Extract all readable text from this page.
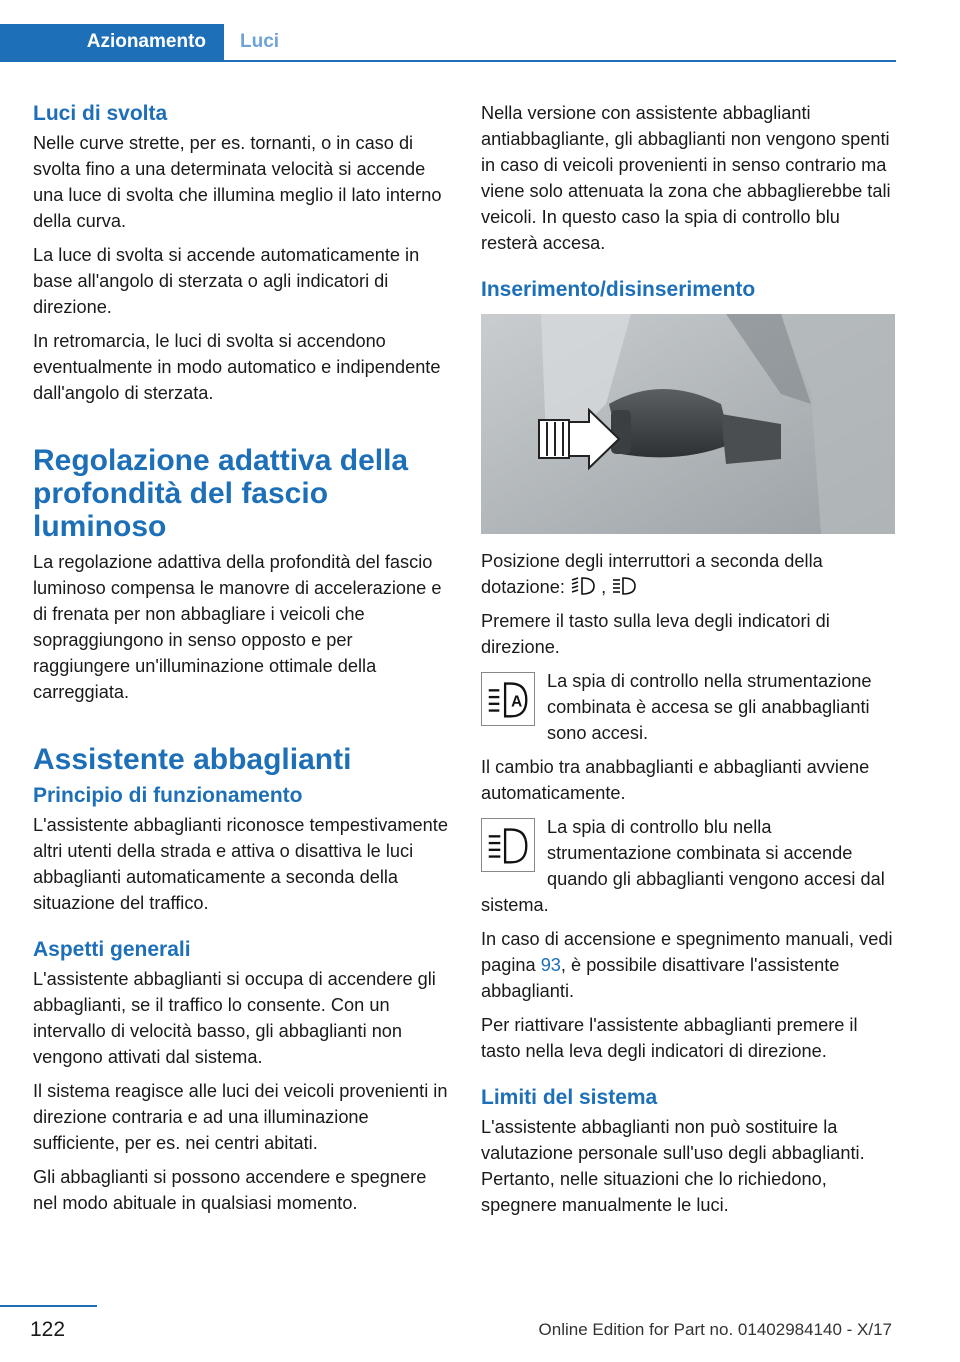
Azionamento Luci
Luci di svolta

Nelle curve strette, per es. tornanti, o in caso di svolta fino a una determinata velocità si accende una luce di svolta che illumina meglio il lato interno della curva.

La luce di svolta si accende automaticamente in base all'angolo di sterzata o agli indicatori di direzione.

In retromarcia, le luci di svolta si accendono eventualmente in modo automatico e indipendente dall'angolo di sterzata.

Regolazione adattiva della profondità del fascio luminoso

La regolazione adattiva della profondità del fascio luminoso compensa le manovre di accelerazione e di frenata per non abbagliare i veicoli che sopraggiungono in senso opposto e per raggiungere un'illuminazione ottimale della carreggiata.

Assistente abbaglianti
Principio di funzionamento

L'assistente abbaglianti riconosce tempestivamente altri utenti della strada e attiva o disattiva le luci abbaglianti automaticamente a seconda della situazione del traffico.

Aspetti generali

L'assistente abbaglianti si occupa di accendere gli abbaglianti, se il traffico lo consente. Con un intervallo di velocità basso, gli abbaglianti non vengono attivati dal sistema.

Il sistema reagisce alle luci dei veicoli provenienti in direzione contraria e ad una illuminazione sufficiente, per es. nei centri abitati.

Gli abbaglianti si possono accendere e spegnere nel modo abituale in qualsiasi momento.

Nella versione con assistente abbaglianti antiabbagliante, gli abbaglianti non vengono spenti in caso di veicoli provenienti in senso contrario ma viene solo attenuata la zona che abbaglierebbe tali veicoli. In questo caso la spia di controllo blu resterà accesa.

Inserimento/disinserimento

Posizione degli interruttori a seconda della dotazione: ,

Premere il tasto sulla leva degli indicatori di direzione.

A
La spia di controllo nella strumentazione combinata è accesa se gli anabbaglianti sono accesi.

Il cambio tra anabbaglianti e abbaglianti avviene automaticamente.

La spia di controllo blu nella strumentazione combinata si accende quando gli abbaglianti vengono accesi dal sistema.

In caso di accensione e spegnimento manuali, vedi pagina 93, è possibile disattivare l'assistente abbaglianti.

Per riattivare l'assistente abbaglianti premere il tasto nella leva degli indicatori di direzione.

Limiti del sistema

L'assistente abbaglianti non può sostituire la valutazione personale sull'uso degli abbaglianti. Pertanto, nelle situazioni che lo richiedono, spegnere manualmente le luci.

122	Online Edition for Part no. 01402984140 - X/17
